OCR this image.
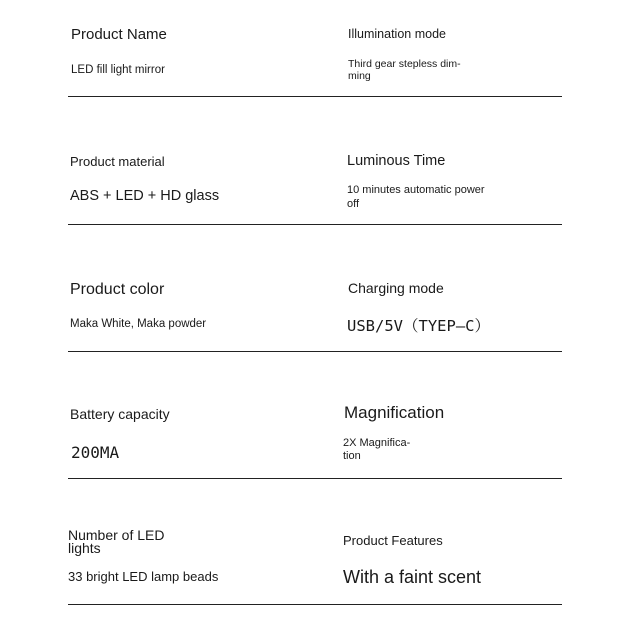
Product Name
LED fill light mirror
Illumination mode
Third gear stepless dim-
ming
Product material
ABS + LED + HD glass
Luminous Time
10 minutes automatic power
off
Product color
Maka White, Maka powder
Charging mode
USB/5V（TYEP—C）
Battery capacity
200MA
Magnification
2X Magnifica-
tion
Number of LED
lights
33 bright LED lamp beads
Product Features
With a faint scent
